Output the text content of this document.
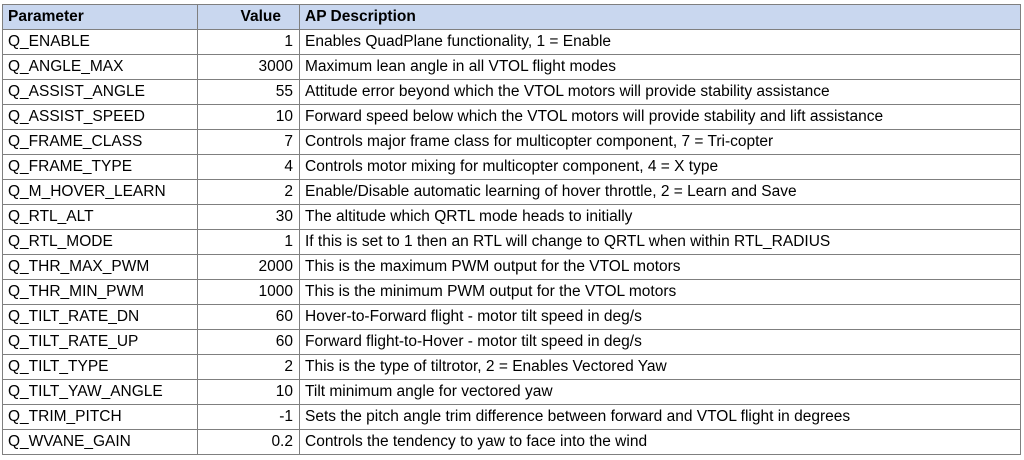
Parameter	Value	AP Description
Q_ENABLE	1	Enables QuadPlane functionality, 1 = Enable
Q_ANGLE_MAX	3000	Maximum lean angle in all VTOL flight modes
Q_ASSIST_ANGLE	55	Attitude error beyond which the VTOL motors will provide stability assistance
Q_ASSIST_SPEED	10	Forward speed below which the VTOL motors will provide stability and lift assistance
Q_FRAME_CLASS	7	Controls major frame class for multicopter component, 7 = Tri-copter
Q_FRAME_TYPE	4	Controls motor mixing for multicopter component, 4 = X type
Q_M_HOVER_LEARN	2	Enable/Disable automatic learning of hover throttle, 2 = Learn and Save
Q_RTL_ALT	30	The altitude which QRTL mode heads to initially
Q_RTL_MODE	1	If this is set to 1 then an RTL will change to QRTL when within RTL_RADIUS
Q_THR_MAX_PWM	2000	This is the maximum PWM output for the VTOL motors
Q_THR_MIN_PWM	1000	This is the minimum PWM output for the VTOL motors
Q_TILT_RATE_DN	60	Hover-to-Forward flight - motor tilt speed in deg/s
Q_TILT_RATE_UP	60	Forward flight-to-Hover - motor tilt speed in deg/s
Q_TILT_TYPE	2	This is the type of tiltrotor, 2 = Enables Vectored Yaw
Q_TILT_YAW_ANGLE	10	Tilt minimum angle for vectored yaw
Q_TRIM_PITCH	-1	Sets the pitch angle trim difference between forward and VTOL flight in degrees
Q_WVANE_GAIN	0.2	Controls the tendency to yaw to face into the wind
